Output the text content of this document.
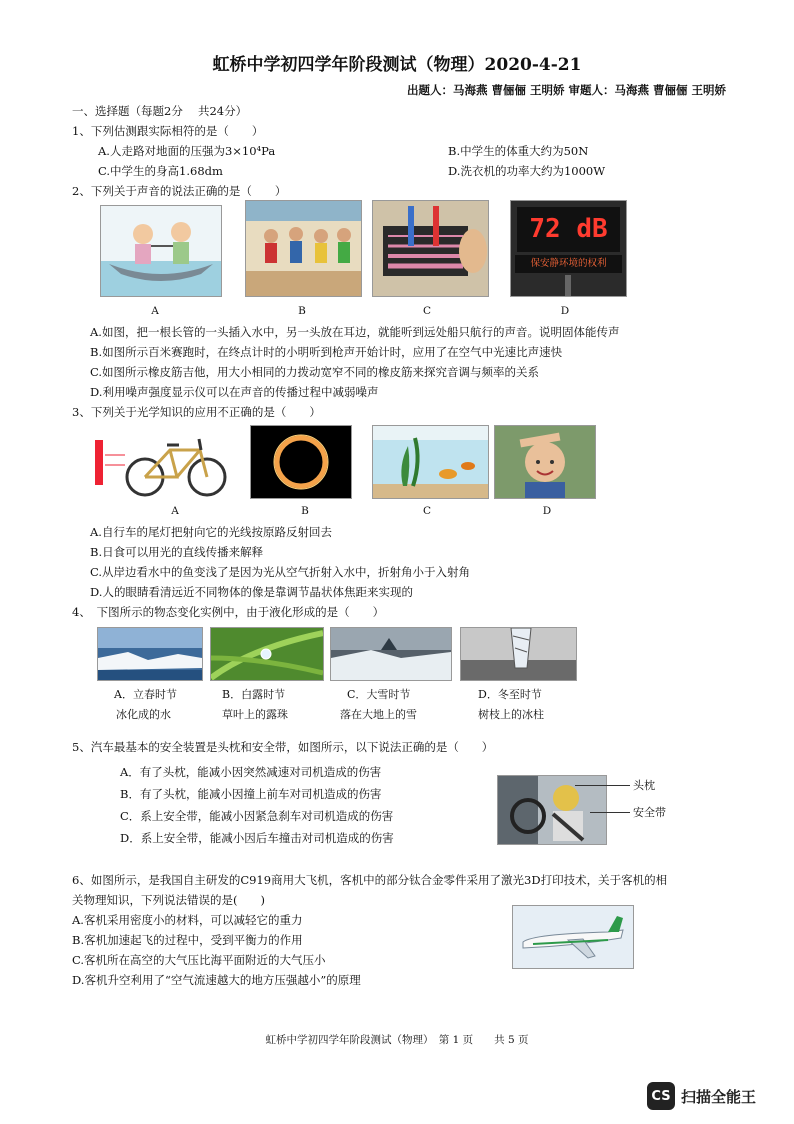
虹桥中学初四学年阶段测试（物理）2020-4-21
出题人：马海燕 曹俪俪 王明娇 审题人：马海燕 曹俪俪 王明娇
一、选择题（每题2分　 共24分）
1、下列估测跟实际相符的是（　　）
A.人走路对地面的压强为3×10⁴Pa	B.中学生的体重大约为50N
C.中学生的身高1.68dm	D.洗衣机的功率大约为1000W
2、下列关于声音的说法正确的是（　　）
72 dB
保安静环境的权利
A	B	C	D
A.如图，把一根长管的一头插入水中，另一头放在耳边，就能听到远处船只航行的声音。说明固体能传声
B.如图所示百米赛跑时，在终点计时的小明听到枪声开始计时，应用了在空气中光速比声速快
C.如图所示橡皮筋吉他，用大小相同的力拨动宽窄不同的橡皮筋来探究音调与频率的关系
D.利用噪声强度显示仪可以在声音的传播过程中减弱噪声
3、下列关于光学知识的应用不正确的是（　　）
A	B	C	D
A.自行车的尾灯把射向它的光线按原路反射回去
B.日食可以用光的直线传播来解释
C.从岸边看水中的鱼变浅了是因为光从空气折射入水中，折射角小于入射角
D.人的眼睛看清远近不同物体的像是靠调节晶状体焦距来实现的
4、　下图所示的物态变化实例中，由于液化形成的是（　　）
A．立春时节
冰化成的水
B．白露时节
草叶上的露珠
C．大雪时节
落在大地上的雪
D．冬至时节
树枝上的冰柱
5、汽车最基本的安全装置是头枕和安全带，如图所示，以下说法正确的是（　　）
A．有了头枕，能减小因突然减速对司机造成的伤害
B．有了头枕，能减小因撞上前车对司机造成的伤害
C．系上安全带，能减小因紧急刹车对司机造成的伤害
D．系上安全带，能减小因后车撞击对司机造成的伤害
头枕
安全带
6、如图所示，是我国自主研发的C919商用大飞机，客机中的部分钛合金零件采用了激光3D打印技术，关于客机的相
关物理知识，下列说法错误的是(　　)
A.客机采用密度小的材料，可以减轻它的重力
B.客机加速起飞的过程中，受到平衡力的作用
C.客机所在高空的大气压比海平面附近的大气压小
D.客机升空利用了“空气流速越大的地方压强越小”的原理
虹桥中学初四学年阶段测试（物理）　第 1 页　　共 5 页
CS 扫描全能王
